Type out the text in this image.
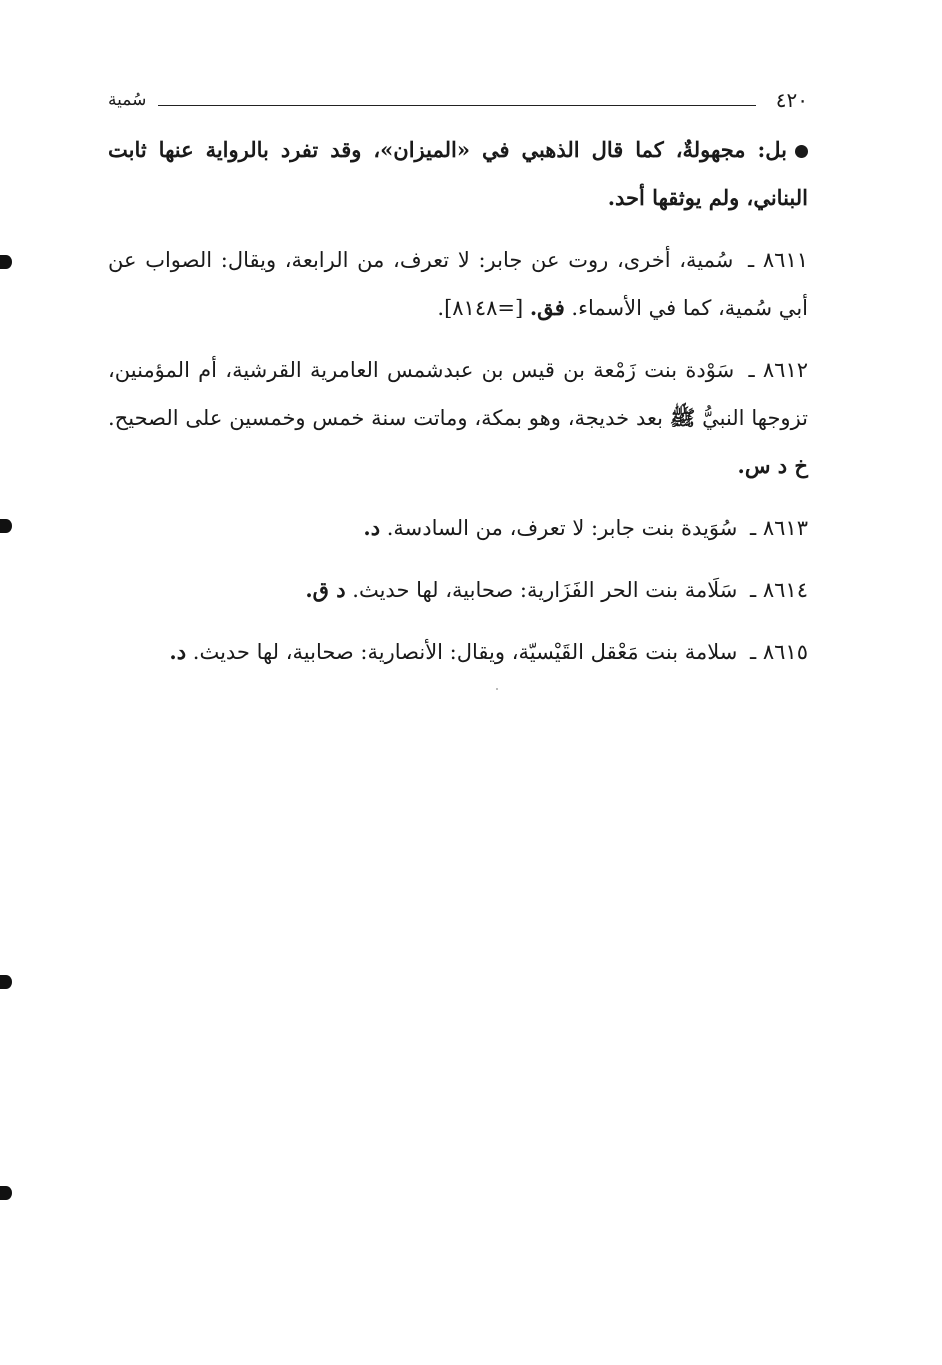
٤٢٠
سُمية

بل: مجهولةٌ، كما قال الذهبي في «الميزان»، وقد تفرد بالرواية عنها ثابت البناني، ولم يوثقها أحد.

٨٦١١ ـ سُمية، أخرى، روت عن جابر: لا تعرف، من الرابعة، ويقال: الصواب عن أبي سُمية، كما في الأسماء. فق. [=٨١٤٨].

٨٦١٢ ـ سَوْدة بنت زَمْعة بن قيس بن عبدشمس العامرية القرشية، أم المؤمنين، تزوجها النبيُّ ﷺ بعد خديجة، وهو بمكة، وماتت سنة خمس وخمسين على الصحيح. خ د س.

٨٦١٣ ـ سُوَيدة بنت جابر: لا تعرف، من السادسة. د.

٨٦١٤ ـ سَلَامة بنت الحر الفَزَارية: صحابية، لها حديث. د ق.

٨٦١٥ ـ سلامة بنت مَعْقل القَيْسيّة، ويقال: الأنصارية: صحابية، لها حديث. د.
